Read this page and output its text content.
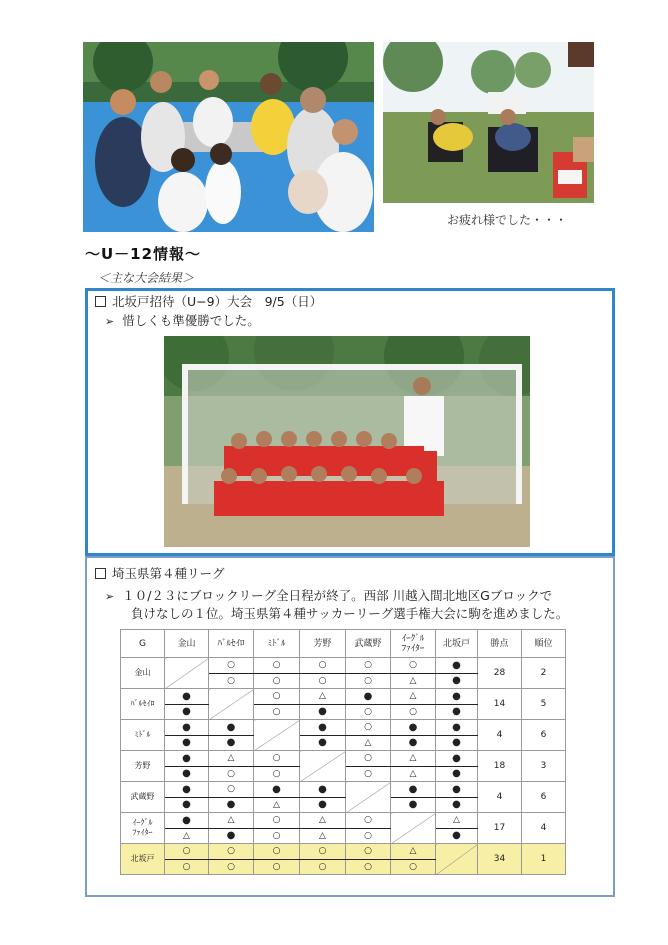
お疲れ様でした・・・
〜U－12情報〜
＜主な大会結果＞
北坂戸招待（U−9）大会　9/5（日）
➢ 惜しくも準優勝でした。
埼玉県第４種リーグ
➢ １０/２３にブロックリーグ全日程が終了。西部 川越入間北地区Gブロックで
負けなしの１位。埼玉県第４種サッカーリーグ選手権大会に駒を進めました。
G	金山	ﾊﾞﾙｾｲﾛ	ﾐﾄﾞﾙ	芳野	武蔵野	ｲｰｸﾞﾙ
ﾌｧｲﾀｰ	北坂戸	勝点	順位
金山		○	○	○	○	○	●	28	2
		○	○	○	○	△	●		
ﾊﾞﾙｾｲﾛ	●		○	△	●	△	●	14	5
	●		○	●	○	○	●		
ﾐﾄﾞﾙ	●	●		●	○	●	●	4	6
	●	●		●	△	●	●		
芳野	●	△	○		○	△	●	18	3
	●	○	○		○	△	●		
武蔵野	●	○	●	●		●	●	4	6
	●	●	△	●		●	●		
ｲｰｸﾞﾙ
ﾌｧｲﾀｰ	●	△	○	△	○		△	17	4
	△	●	○	△	○		●		
北坂戸	○	○	○	○	○	△		34	1
	○	○	○	○	○	○			
